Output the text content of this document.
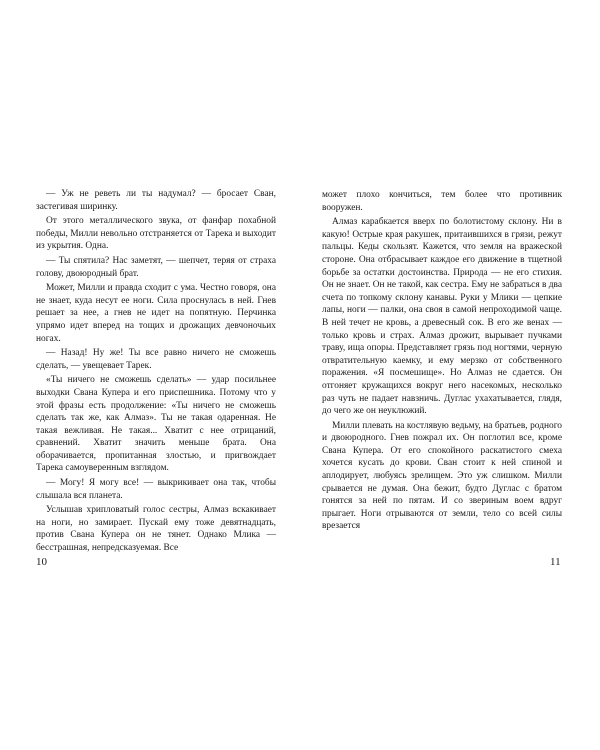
— Уж не реветь ли ты надумал? — бросает Сван, застегивая ширинку.

От этого металлического звука, от фанфар похабной победы, Милли невольно отстраняется от Тарека и выходит из укрытия. Одна.

— Ты спятила? Нас заметят, — шепчет, теряя от страха голову, двоюродный брат.

Может, Милли и правда сходит с ума. Честно говоря, она не знает, куда несут ее ноги. Сила проснулась в ней. Гнев решает за нее, а гнев не идет на попятную. Перчинка упрямо идет вперед на тощих и дрожащих девчоночьих ногах.

— Назад! Ну же! Ты все равно ничего не сможешь сделать, — увещевает Тарек.

«Ты ничего не сможешь сделать» — удар посильнее выходки Свана Купера и его приспешника. Потому что у этой фразы есть продолжение: «Ты ничего не сможешь сделать так же, как Алмаз». Ты не такая одаренная. Не такая вежливая. Не такая... Хватит с нее отрицаний, сравнений. Хватит значить меньше брата. Она оборачивается, пропитанная злостью, и пригвождает Тарека самоуверенным взглядом.

— Могу! Я могу все! — выкрикивает она так, чтобы слышала вся планета.

Услышав хрипловатый голос сестры, Алмаз вскакивает на ноги, но замирает. Пускай ему тоже девятнадцать, против Свана Купера он не тянет. Однако Млика — бесстрашная, непредсказуемая. Все

10

может плохо кончиться, тем более что противник вооружен.

Алмаз карабкается вверх по болотистому склону. Ни в какую! Острые края ракушек, притаившихся в грязи, режут пальцы. Кеды скользят. Кажется, что земля на вражеской стороне. Она отбрасывает каждое его движение в тщетной борьбе за остатки достоинства. Природа — не его стихия. Он не знает. Он не такой, как сестра. Ему не забраться в два счета по топкому склону канавы. Руки у Млики — цепкие лапы, ноги — палки, она своя в самой непроходимой чаще. В ней течет не кровь, а древесный сок. В его же венах — только кровь и страх. Алмаз дрожит, вырывает пучками траву, ища опоры. Представляет грязь под ногтями, черную отвратительную каемку, и ему мерзко от собственного поражения. «Я посмешище». Но Алмаз не сдается. Он отгоняет кружащихся вокруг него насекомых, несколько раз чуть не падает навзничь. Дуглас ухахатывается, глядя, до чего же он неуклюжий.

Милли плевать на костлявую ведьму, на братьев, родного и двоюродного. Гнев пожрал их. Он поглотил все, кроме Свана Купера. От его спокойного раскатистого смеха хочется кусать до крови. Сван стоит к ней спиной и аплодирует, любуясь зрелищем. Это уж слишком. Милли срывается не думая. Она бежит, будто Дуглас с братом гонятся за ней по пятам. И со звериным воем вдруг прыгает. Ноги отрываются от земли, тело со всей силы врезается

11
